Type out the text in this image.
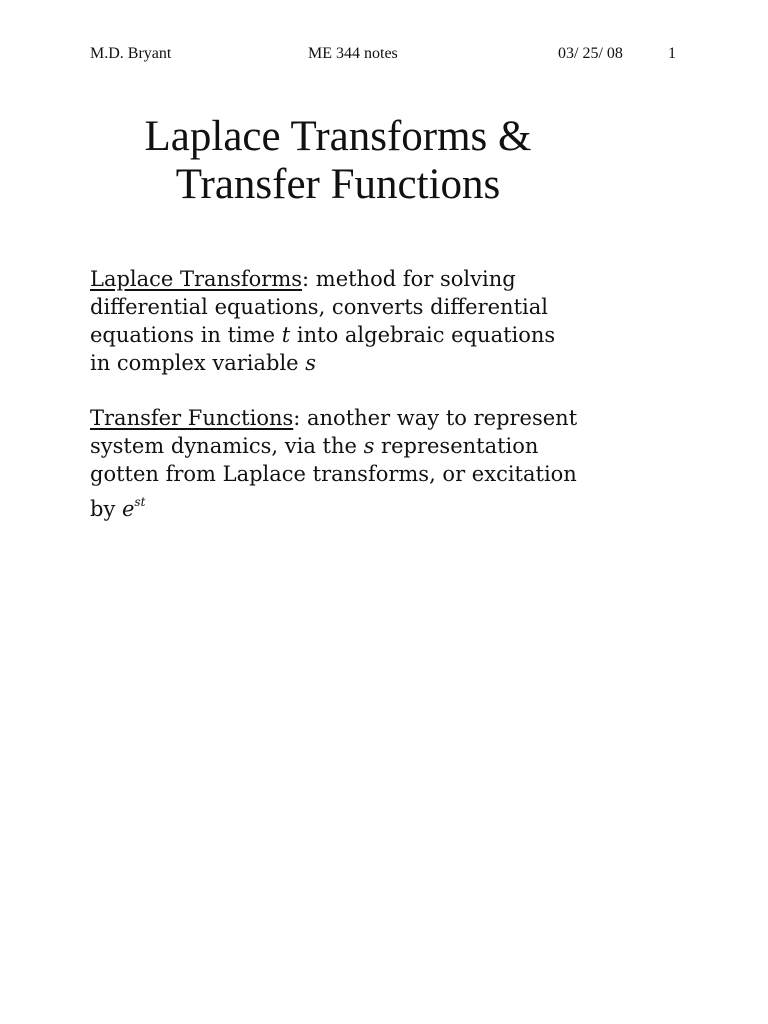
M.D. Bryant	ME 344 notes	03/ 25/ 08	1
Laplace Transforms &
Transfer Functions
Laplace Transforms: method for solving
differential equations, converts differential
equations in time t into algebraic equations
in complex variable s
Transfer Functions: another way to represent
system dynamics, via the s representation
gotten from Laplace transforms, or excitation
by $e^{st}$
